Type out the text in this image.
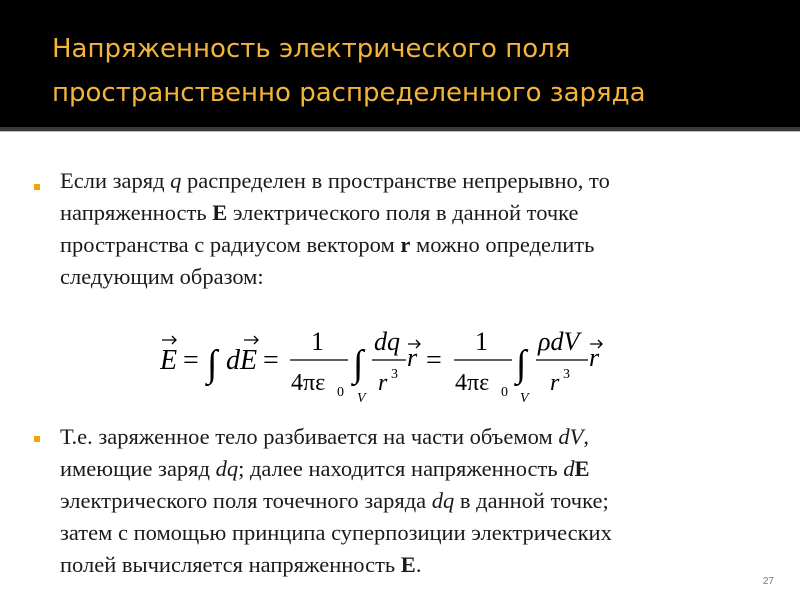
Напряженность электрического поля
пространственно распределенного заряда
Если заряд q распределен в пространстве непрерывно, то
напряженность E электрического поля в данной точке
пространства с радиусом вектором r можно определить
следующим образом:
E = ∫ dE =
1
4πε 0
∫
V
dq
r 3
r =
1
4πε 0
∫
V
ρdV
r 3
r
Т.е. заряженное тело разбивается на части объемом dV,
имеющие заряд dq; далее находится напряженность dE
электрического поля точечного заряда dq в данной точке;
затем с помощью принципа суперпозиции электрических
полей вычисляется напряженность E.
27
